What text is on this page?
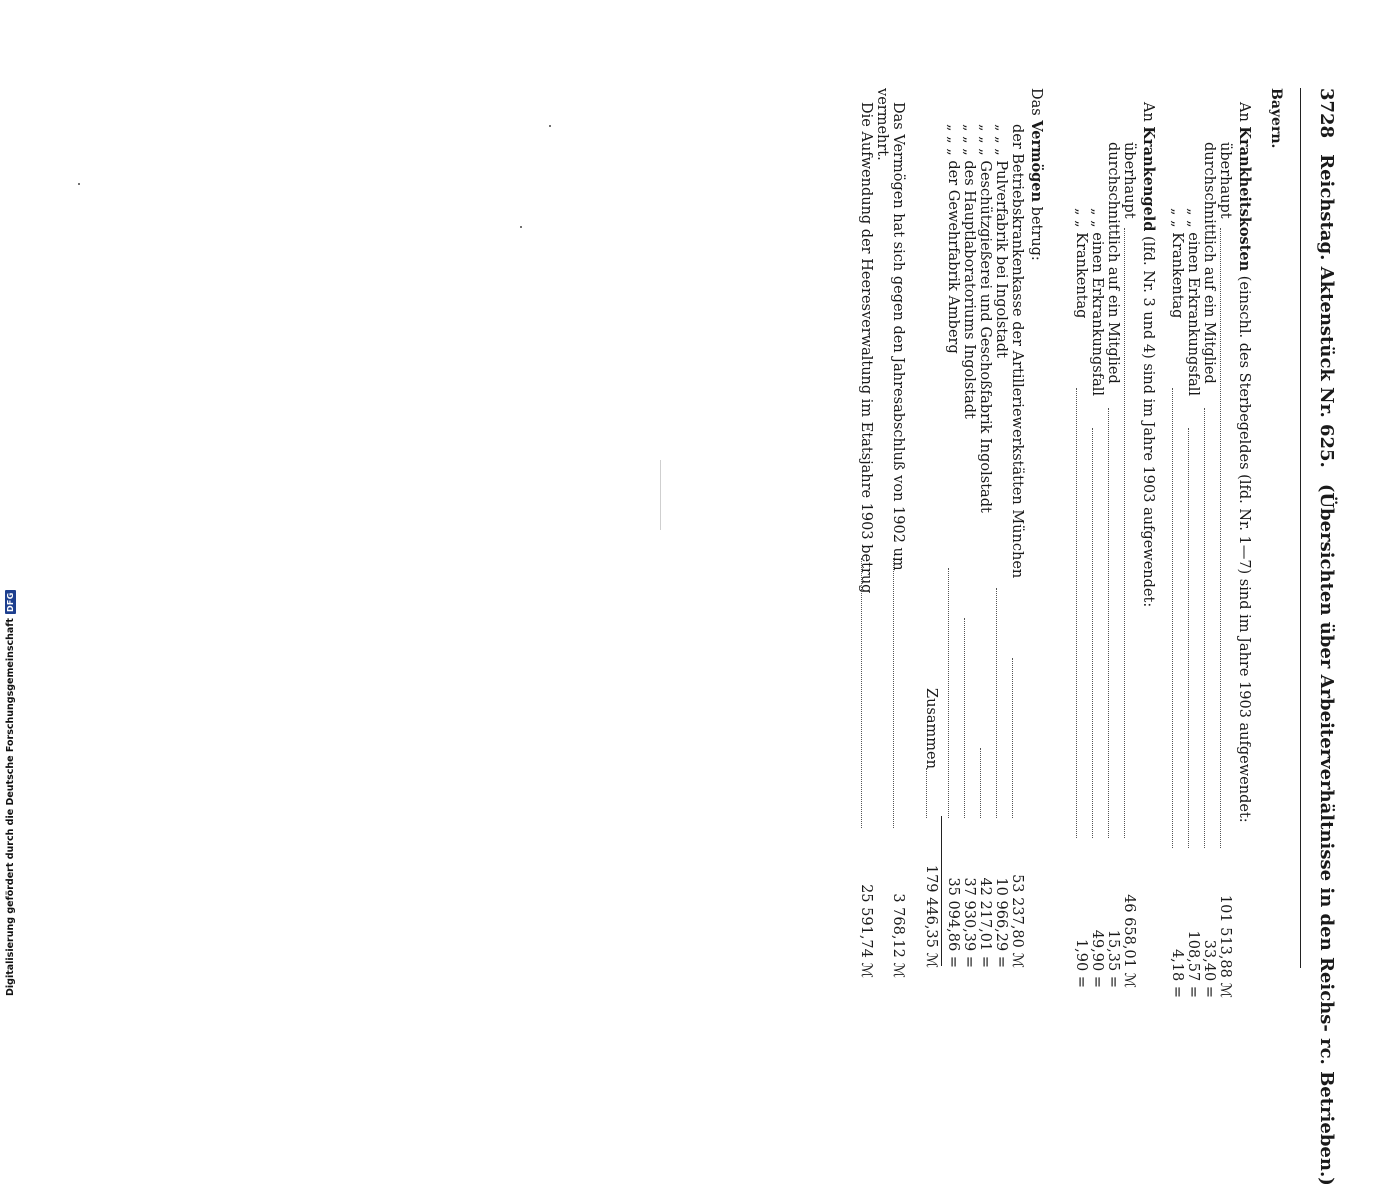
Digitalisierung gefördert durch die Deutsche Forschungsgemeinschaft
DFG
3728
Reichstag. Aktenstück Nr. 625.
(Übersichten über Arbeiterverhältnisse in den Reichs- rc. Betrieben.)
Bayern.
An Krankheitskosten (einschl. des Sterbegeldes (lfd. Nr. 1—7) sind im Jahre 1903 aufgewendet:
überhaupt
101 513,88 ℳ
durchschnittlich auf ein Mitglied
33,40 =
„ „ einen Erkrankungsfall
108,57 =
„ „ Krankentag
4,18 =
An Krankengeld (lfd. Nr. 3 und 4) sind im Jahre 1903 aufgewendet:
überhaupt
46 658,01 ℳ
durchschnittlich auf ein Mitglied
15,35 =
„ „ einen Erkrankungsfall
49,90 =
„ „ Krankentag
1,90 =
Das Vermögen betrug:
der Betriebskrankenkasse der Artilleriewerkstätten München
53 237,80 ℳ
„ „ „ Pulverfabrik bei Ingolstadt
10 966,29 =
„ „ „ Geschützgießerei und Geschoßfabrik Ingolstadt
42 217,01 =
„ „ „ des Hauptlaboratoriums Ingolstadt
37 930,39 =
„ „ „ der Gewehrfabrik Amberg
35 094,86 =
Zusammen
179 446,35 ℳ
Das Vermögen hat sich gegen den Jahresabschluß von 1902 um
3 768,12 ℳ
vermehrt.
Die Aufwendung der Heeresverwaltung im Etatsjahre 1903 betrug
25 591,74 ℳ
